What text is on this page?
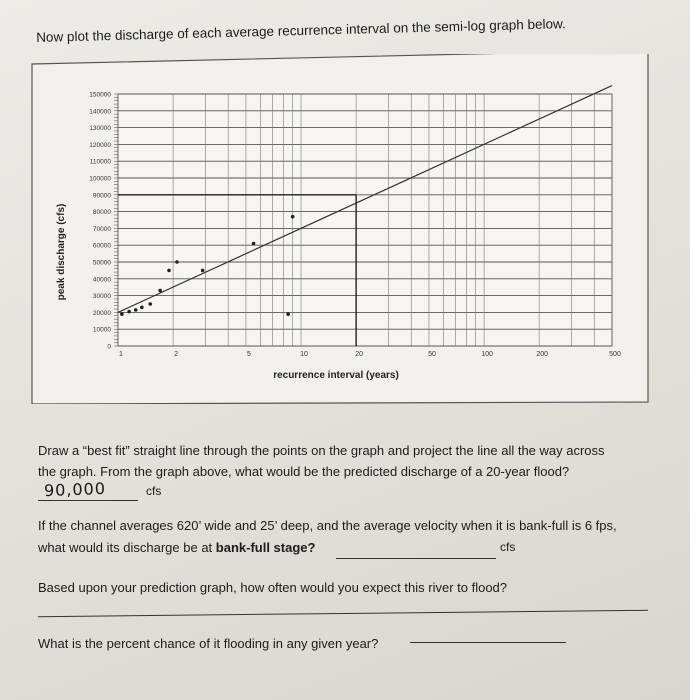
Now plot the discharge of each average recurrence interval on the semi-log graph below.
0
10000
20000
30000
40000
50000
60000
70000
80000
90000
100000
110000
120000
130000
140000
150000
1	2	5	10	20	50	100	200	500
peak discharge (cfs)
recurrence interval (years)
Draw a “best fit” straight line through the points on the graph and project the line all the way across
the graph. From the graph above, what would be the predicted discharge of a 20-year flood?
90,000	cfs
If the channel averages 620’ wide and 25’ deep, and the average velocity when it is bank-full is 6 fps,
what would its discharge be at bank-full stage?	cfs
Based upon your prediction graph, how often would you expect this river to flood?
What is the percent chance of it flooding in any given year?
